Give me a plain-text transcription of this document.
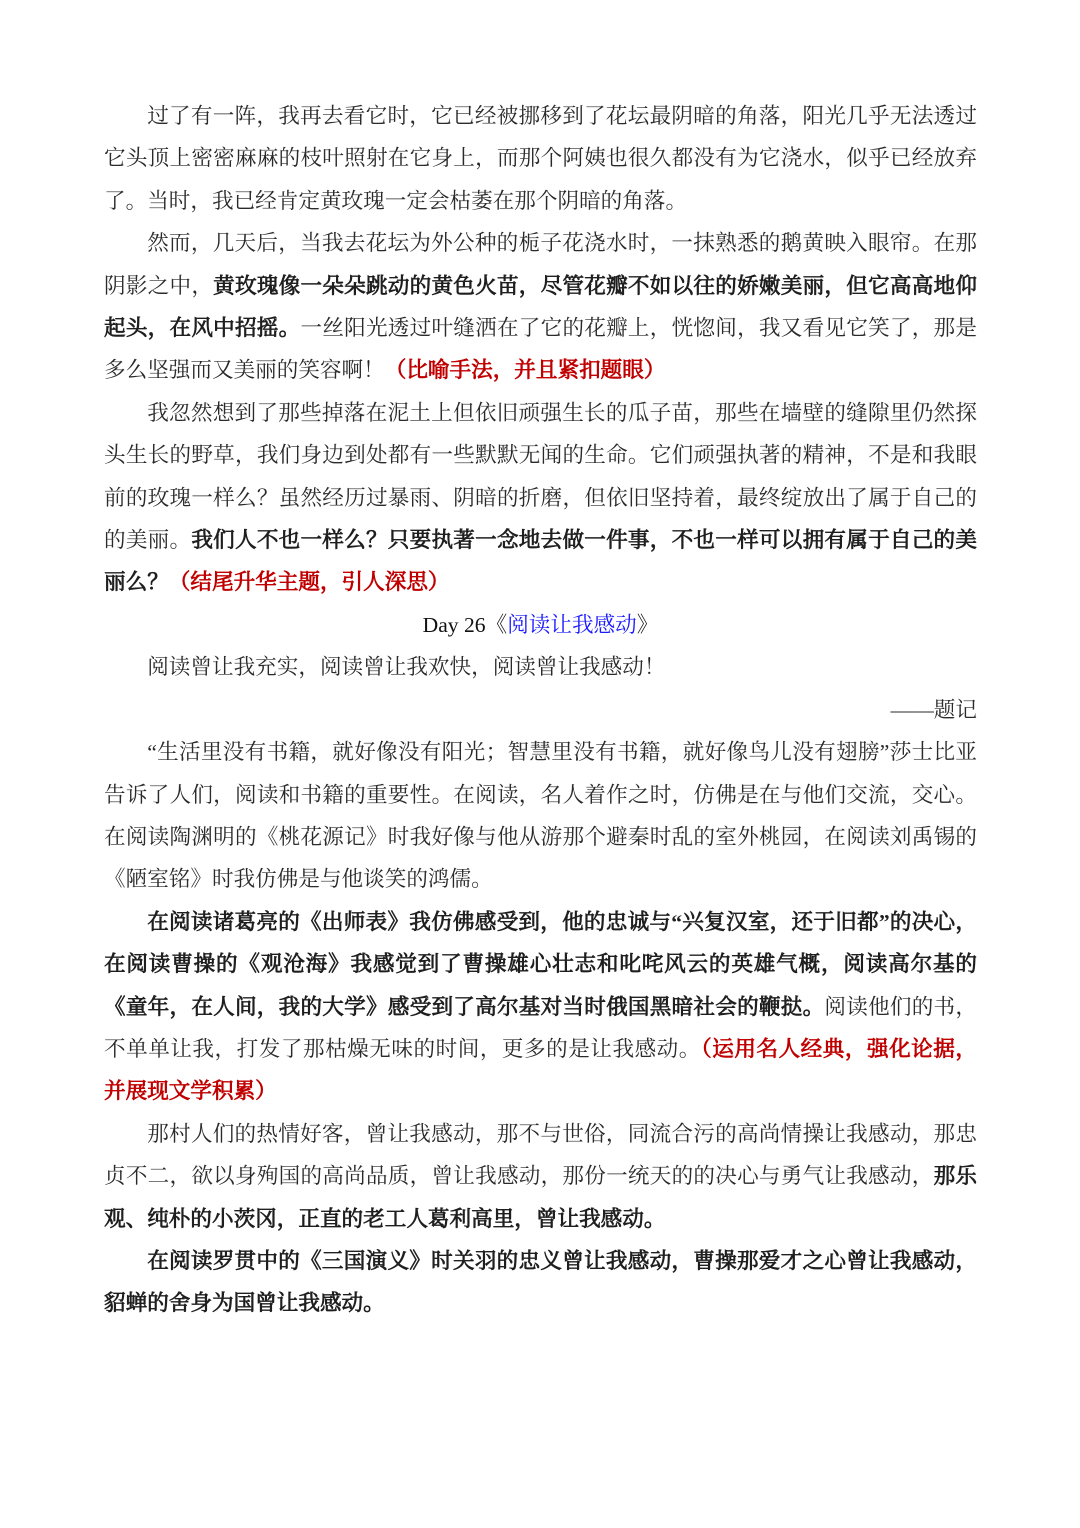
过了有一阵，我再去看它时，它已经被挪移到了花坛最阴暗的角落，阳光几乎无法透过它头顶上密密麻麻的枝叶照射在它身上，而那个阿姨也很久都没有为它浇水，似乎已经放弃了。当时，我已经肯定黄玫瑰一定会枯萎在那个阴暗的角落。

然而，几天后，当我去花坛为外公种的栀子花浇水时，一抹熟悉的鹅黄映入眼帘。在那阴影之中，黄玫瑰像一朵朵跳动的黄色火苗，尽管花瓣不如以往的娇嫩美丽，但它高高地仰起头，在风中招摇。一丝阳光透过叶缝洒在了它的花瓣上，恍惚间，我又看见它笑了，那是多么坚强而又美丽的笑容啊！（比喻手法，并且紧扣题眼）

我忽然想到了那些掉落在泥土上但依旧顽强生长的瓜子苗，那些在墙壁的缝隙里仍然探头生长的野草，我们身边到处都有一些默默无闻的生命。它们顽强执著的精神，不是和我眼前的玫瑰一样么？虽然经历过暴雨、阴暗的折磨，但依旧坚持着，最终绽放出了属于自己的的美丽。我们人不也一样么？只要执著一念地去做一件事，不也一样可以拥有属于自己的美丽么？（结尾升华主题，引人深思）

Day 26《阅读让我感动》

阅读曾让我充实，阅读曾让我欢快，阅读曾让我感动！

——题记

“生活里没有书籍，就好像没有阳光；智慧里没有书籍，就好像鸟儿没有翅膀”莎士比亚告诉了人们，阅读和书籍的重要性。在阅读，名人着作之时，仿佛是在与他们交流，交心。在阅读陶渊明的《桃花源记》时我好像与他从游那个避秦时乱的室外桃园，在阅读刘禹锡的《陋室铭》时我仿佛是与他谈笑的鸿儒。

在阅读诸葛亮的《出师表》我仿佛感受到，他的忠诚与“兴复汉室，还于旧都”的决心，在阅读曹操的《观沧海》我感觉到了曹操雄心壮志和叱咤风云的英雄气概，阅读高尔基的《童年，在人间，我的大学》感受到了高尔基对当时俄国黑暗社会的鞭挞。阅读他们的书，不单单让我，打发了那枯燥无味的时间，更多的是让我感动。（运用名人经典，强化论据，并展现文学积累）

那村人们的热情好客，曾让我感动，那不与世俗，同流合污的高尚情操让我感动，那忠贞不二，欲以身殉国的高尚品质，曾让我感动，那份一统天的的决心与勇气让我感动，那乐观、纯朴的小茨冈，正直的老工人葛利高里，曾让我感动。

在阅读罗贯中的《三国演义》时关羽的忠义曾让我感动，曹操那爱才之心曾让我感动，貂蝉的舍身为国曾让我感动。
